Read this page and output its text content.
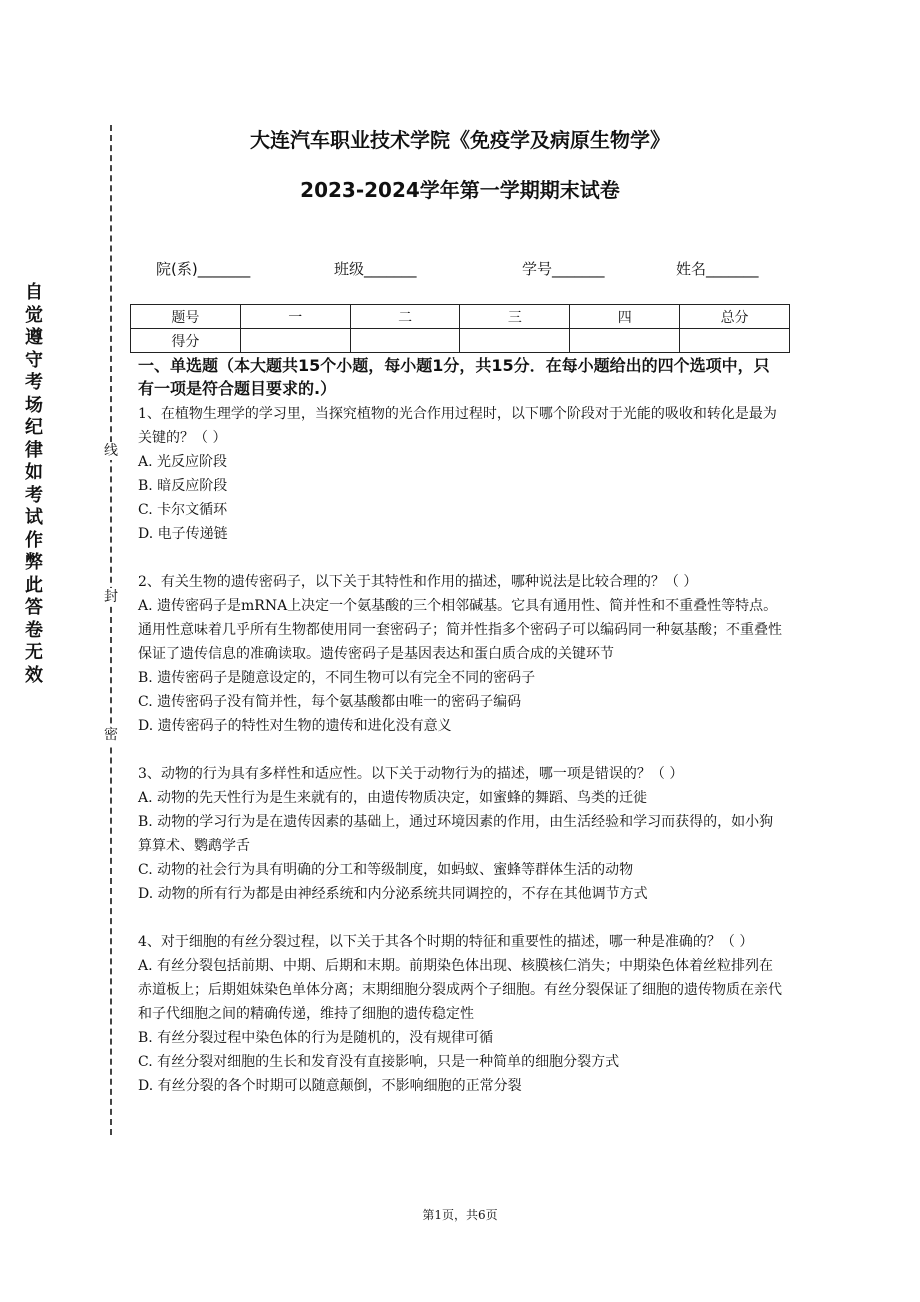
自觉遵守考场纪律如考试作弊此答卷无效
线
封
密
大连汽车职业技术学院《免疫学及病原生物学》
2023-2024学年第一学期期末试卷
院(系)_______	班级_______	学号_______	姓名_______
题号	一	二	三	四	总分
得分					
一、单选题（本大题共15个小题，每小题1分，共15分．在每小题给出的四个选项中，只有一项是符合题目要求的.）

1、在植物生理学的学习里，当探究植物的光合作用过程时，以下哪个阶段对于光能的吸收和转化是最为关键的？（ ）

A. 光反应阶段

B. 暗反应阶段

C. 卡尔文循环

D. 电子传递链

2、有关生物的遗传密码子，以下关于其特性和作用的描述，哪种说法是比较合理的？（ ）

A. 遗传密码子是mRNA上决定一个氨基酸的三个相邻碱基。它具有通用性、简并性和不重叠性等特点。通用性意味着几乎所有生物都使用同一套密码子；简并性指多个密码子可以编码同一种氨基酸；不重叠性保证了遗传信息的准确读取。遗传密码子是基因表达和蛋白质合成的关键环节

B. 遗传密码子是随意设定的，不同生物可以有完全不同的密码子

C. 遗传密码子没有简并性，每个氨基酸都由唯一的密码子编码

D. 遗传密码子的特性对生物的遗传和进化没有意义

3、动物的行为具有多样性和适应性。以下关于动物行为的描述，哪一项是错误的？（ ）

A. 动物的先天性行为是生来就有的，由遗传物质决定，如蜜蜂的舞蹈、鸟类的迁徙

B. 动物的学习行为是在遗传因素的基础上，通过环境因素的作用，由生活经验和学习而获得的，如小狗算算术、鹦鹉学舌

C. 动物的社会行为具有明确的分工和等级制度，如蚂蚁、蜜蜂等群体生活的动物

D. 动物的所有行为都是由神经系统和内分泌系统共同调控的，不存在其他调节方式

4、对于细胞的有丝分裂过程，以下关于其各个时期的特征和重要性的描述，哪一种是准确的？（ ）

A. 有丝分裂包括前期、中期、后期和末期。前期染色体出现、核膜核仁消失；中期染色体着丝粒排列在赤道板上；后期姐妹染色单体分离；末期细胞分裂成两个子细胞。有丝分裂保证了细胞的遗传物质在亲代和子代细胞之间的精确传递，维持了细胞的遗传稳定性

B. 有丝分裂过程中染色体的行为是随机的，没有规律可循

C. 有丝分裂对细胞的生长和发育没有直接影响，只是一种简单的细胞分裂方式

D. 有丝分裂的各个时期可以随意颠倒，不影响细胞的正常分裂

第1页，共6页
